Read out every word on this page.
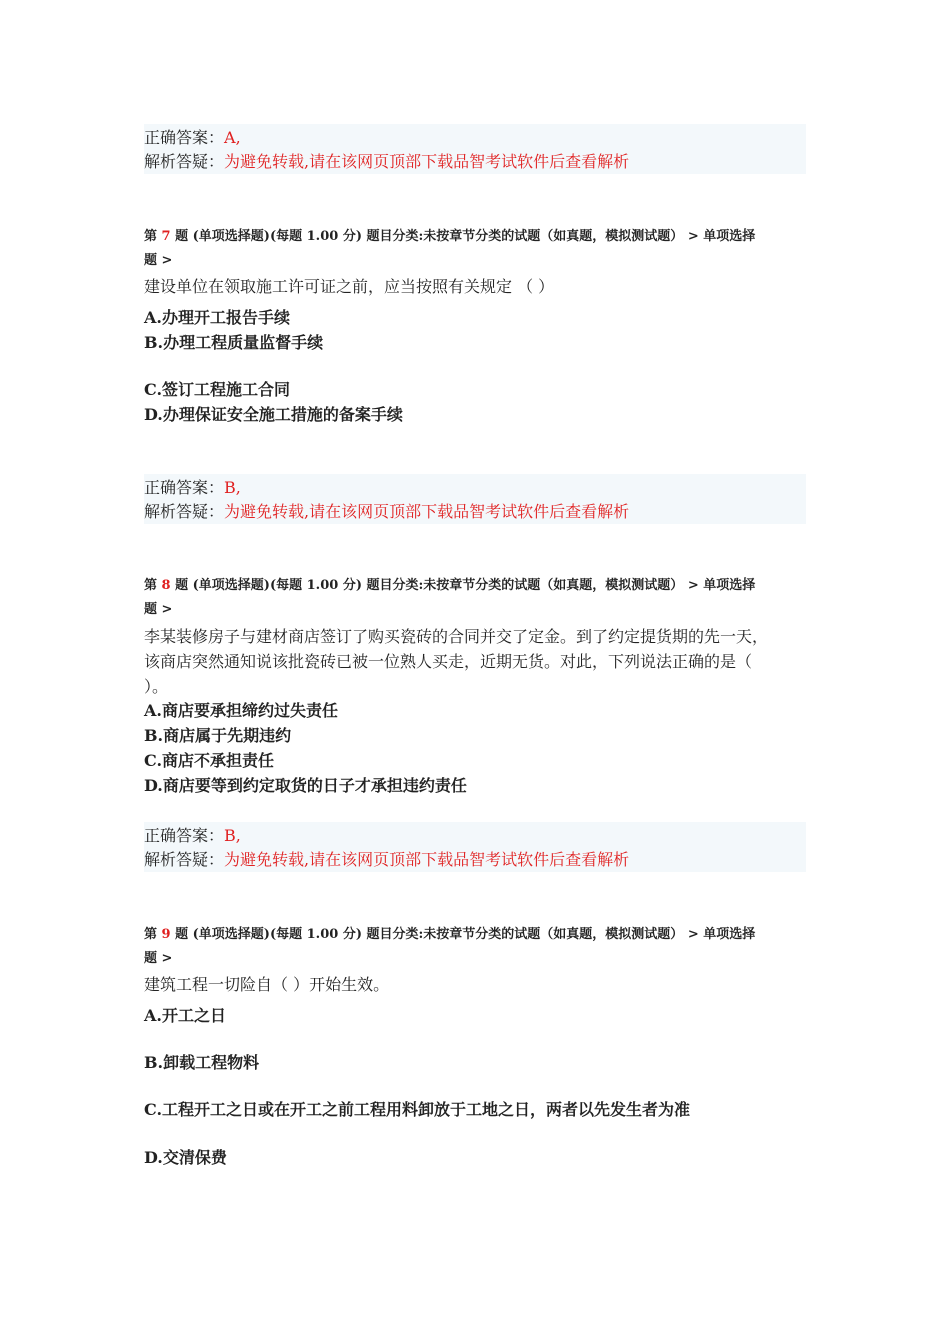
正确答案：A,
解析答疑：为避免转载,请在该网页顶部下载品智考试软件后查看解析
第 7 题 (单项选择题)(每题 1.00 分) 题目分类:未按章节分类的试题（如真题，模拟测试题） > 单项选择
题 >
建设单位在领取施工许可证之前，应当按照有关规定 （ ）
A.办理开工报告手续
B.办理工程质量监督手续
C.签订工程施工合同
D.办理保证安全施工措施的备案手续
正确答案：B,
解析答疑：为避免转载,请在该网页顶部下载品智考试软件后查看解析
第 8 题 (单项选择题)(每题 1.00 分) 题目分类:未按章节分类的试题（如真题，模拟测试题） > 单项选择
题 >
李某装修房子与建材商店签订了购买瓷砖的合同并交了定金。到了约定提货期的先一天，
该商店突然通知说该批瓷砖已被一位熟人买走，近期无货。对此，下列说法正确的是（
）。
A.商店要承担缔约过失责任
B.商店属于先期违约
C.商店不承担责任
D.商店要等到约定取货的日子才承担违约责任
正确答案：B,
解析答疑：为避免转载,请在该网页顶部下载品智考试软件后查看解析
第 9 题 (单项选择题)(每题 1.00 分) 题目分类:未按章节分类的试题（如真题，模拟测试题） > 单项选择
题 >
建筑工程一切险自（ ）开始生效。
A.开工之日
B.卸载工程物料
C.工程开工之日或在开工之前工程用料卸放于工地之日，两者以先发生者为准
D.交清保费
